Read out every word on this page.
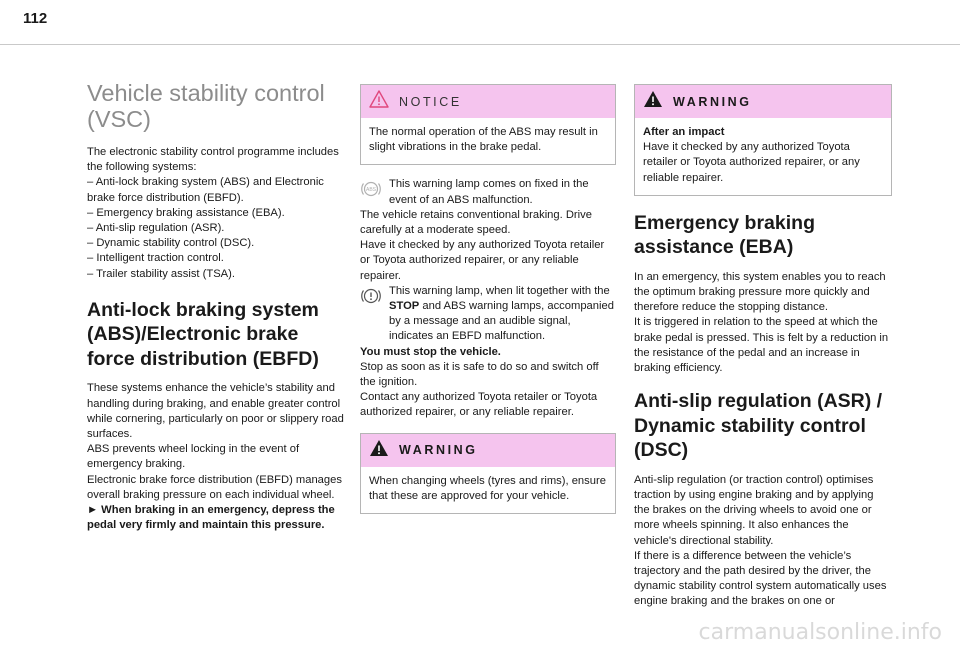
112
Vehicle stability control
(VSC)

The electronic stability control programme includes the following systems:

– Anti-lock braking system (ABS) and Electronic brake force distribution (EBFD).

– Emergency braking assistance (EBA).

– Anti-slip regulation (ASR).

– Dynamic stability control (DSC).

– Intelligent traction control.

– Trailer stability assist (TSA).

Anti-lock braking system (ABS)/Electronic brake force distribution (EBFD)

These systems enhance the vehicle’s stability and handling during braking, and enable greater control while cornering, particularly on poor or slippery road surfaces.

ABS prevents wheel locking in the event of emergency braking.

Electronic brake force distribution (EBFD) manages overall braking pressure on each individual wheel.

► When braking in an emergency, depress the pedal very firmly and maintain this pressure.

NOTICE

The normal operation of the ABS may result in slight vibrations in the brake pedal.

ABS This warning lamp comes on fixed in the event of an ABS malfunction.

The vehicle retains conventional braking. Drive carefully at a moderate speed.

Have it checked by any authorized Toyota retailer or Toyota authorized repairer, or any reliable repairer.

This warning lamp, when lit together with the STOP and ABS warning lamps, accompanied by a message and an audible signal, indicates an EBFD malfunction.

You must stop the vehicle.

Stop as soon as it is safe to do so and switch off the ignition.

Contact any authorized Toyota retailer or Toyota authorized repairer, or any reliable repairer.

WARNING

When changing wheels (tyres and rims), ensure that these are approved for your vehicle.

WARNING

After an impact

Have it checked by any authorized Toyota retailer or Toyota authorized repairer, or any reliable repairer.

Emergency braking assistance (EBA)

In an emergency, this system enables you to reach the optimum braking pressure more quickly and therefore reduce the stopping distance.

It is triggered in relation to the speed at which the brake pedal is pressed. This is felt by a reduction in the resistance of the pedal and an increase in braking efficiency.

Anti-slip regulation (ASR) / Dynamic stability control (DSC)

Anti-slip regulation (or traction control) optimises traction by using engine braking and by applying the brakes on the driving wheels to avoid one or more wheels spinning. It also enhances the vehicle's directional stability.

If there is a difference between the vehicle’s trajectory and the path desired by the driver, the dynamic stability control system automatically uses engine braking and the brakes on one or

carmanualsonline.info
